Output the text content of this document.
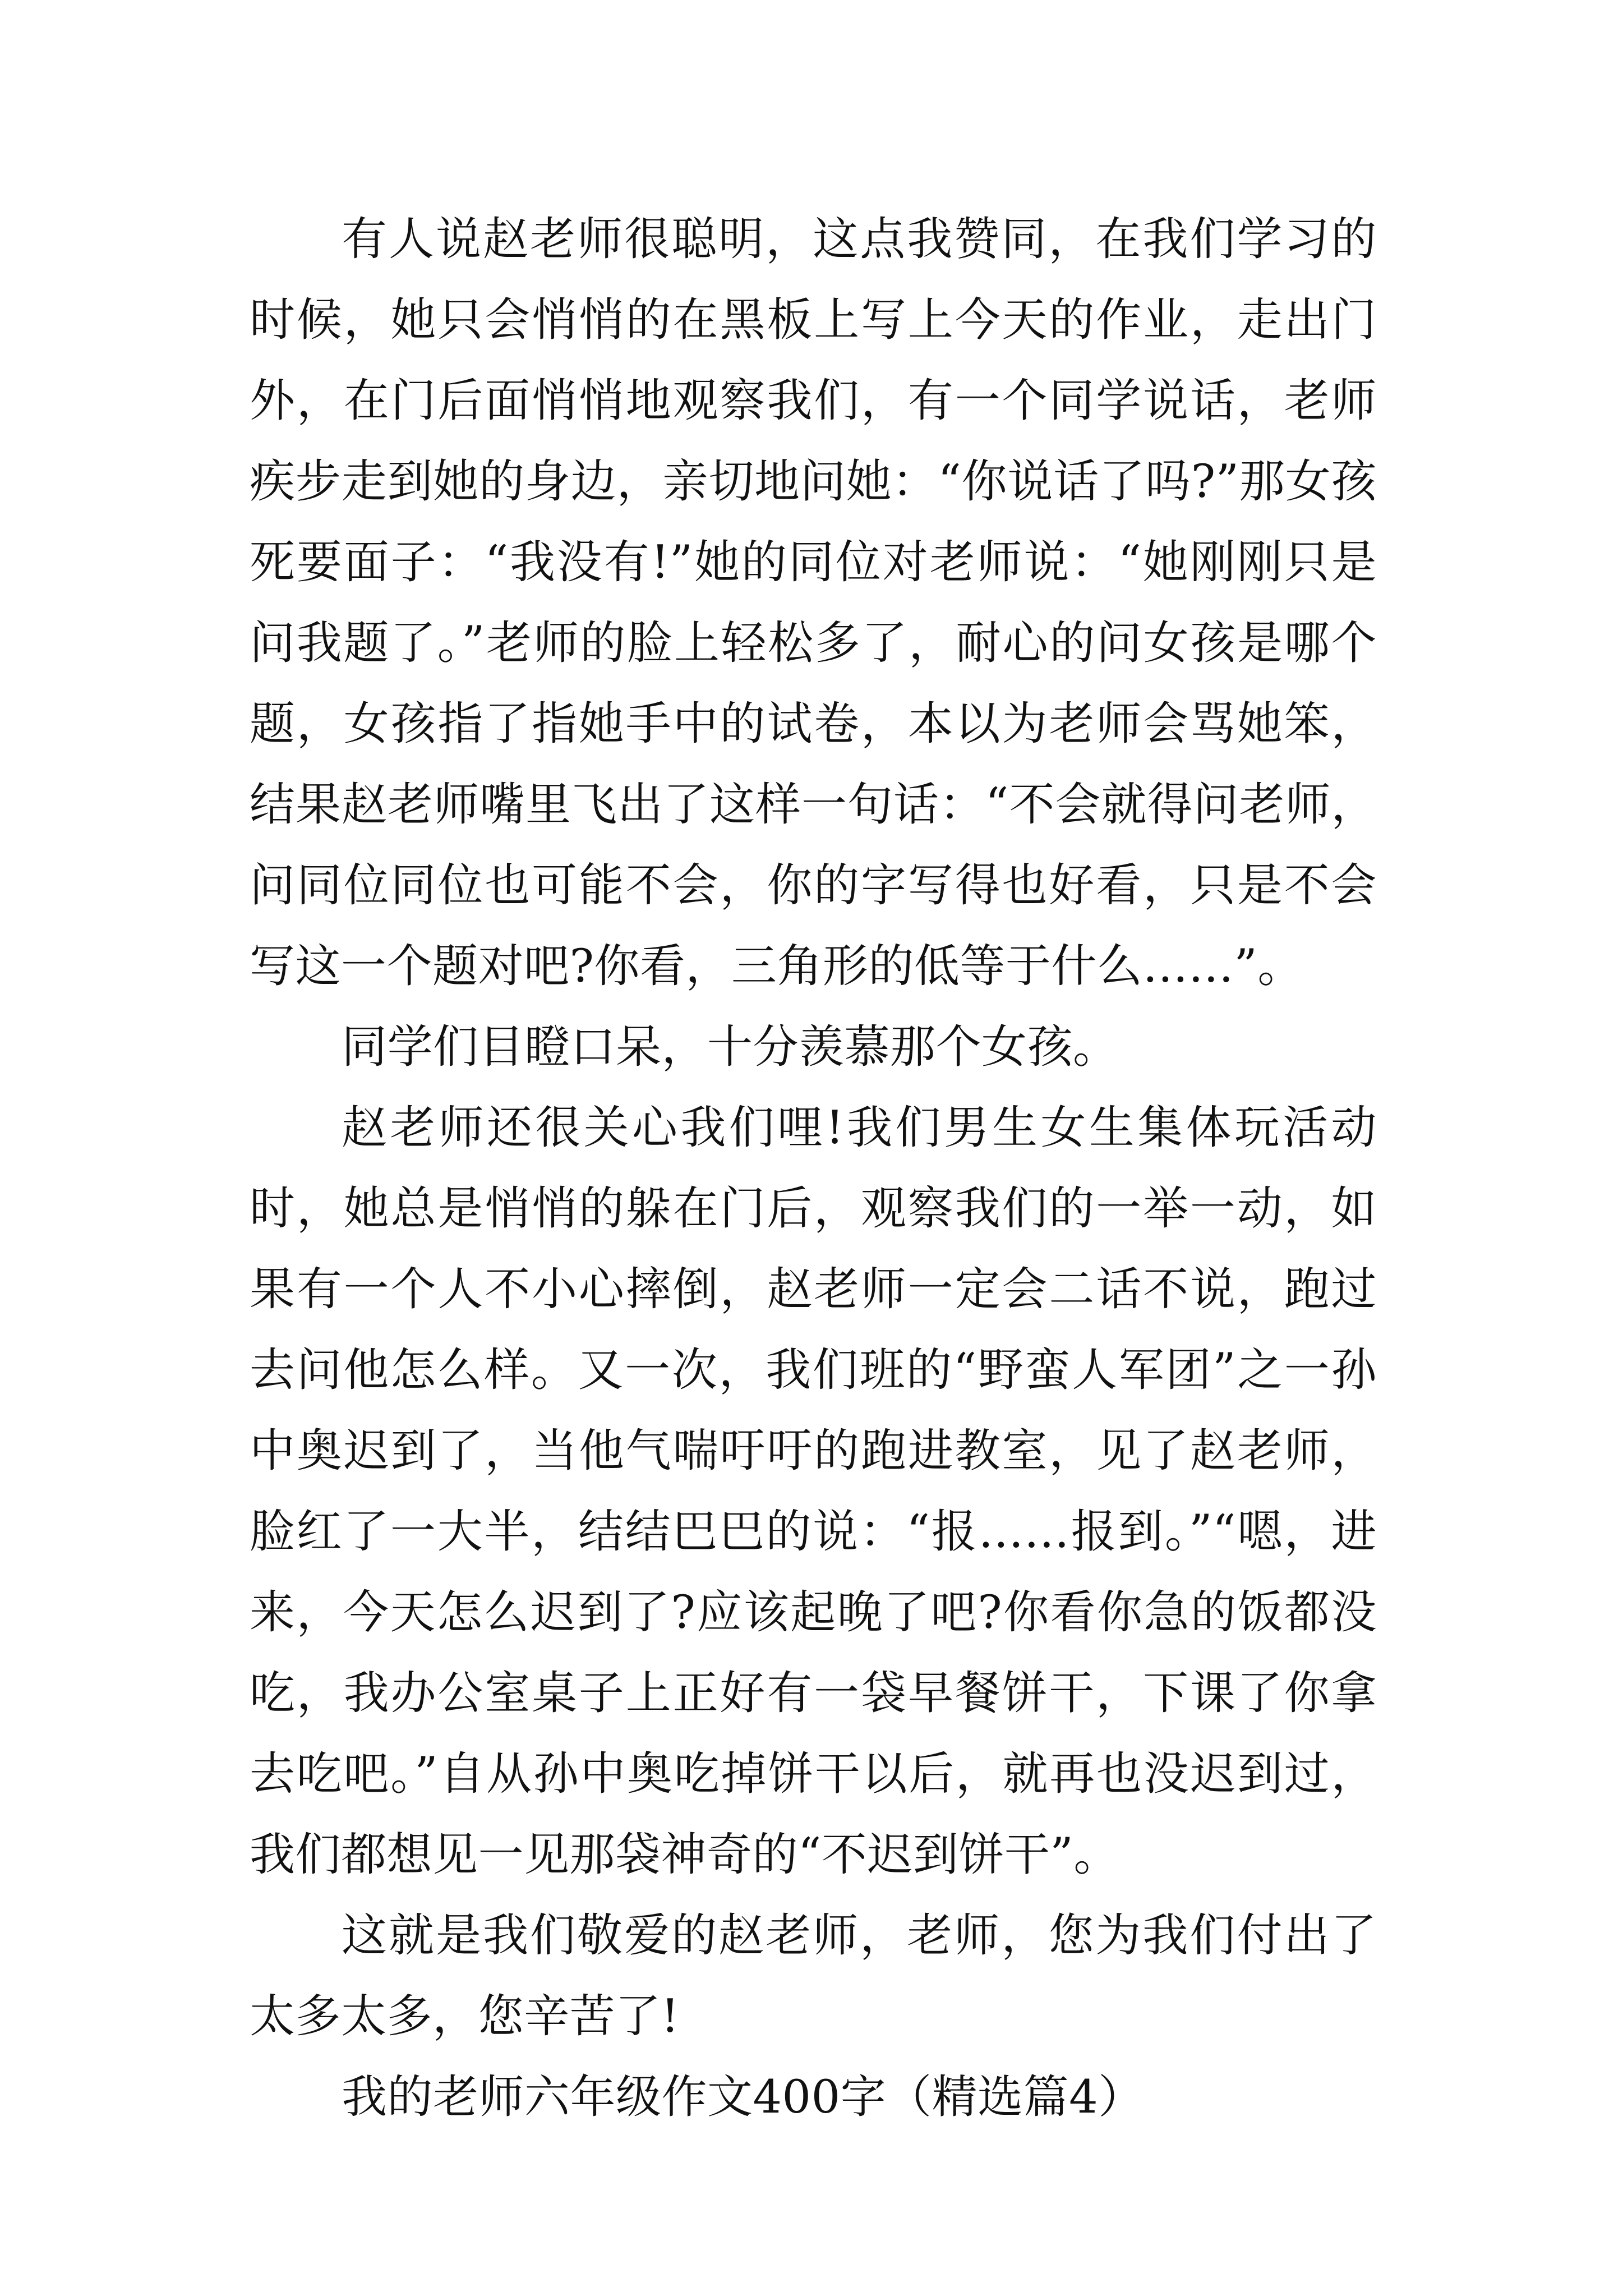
有人说赵老师很聪明，这点我赞同，在我们学习的时候，她只会悄悄的在黑板上写上今天的作业，走出门外，在门后面悄悄地观察我们，有一个同学说话，老师疾步走到她的身边，亲切地问她：“你说话了吗?”那女孩死要面子：“我没有!”她的同位对老师说：“她刚刚只是问我题了。”老师的脸上轻松多了，耐心的问女孩是哪个题，女孩指了指她手中的试卷，本以为老师会骂她笨，结果赵老师嘴里飞出了这样一句话：“不会就得问老师，问同位同位也可能不会，你的字写得也好看，只是不会写这一个题对吧?你看，三角形的低等于什么……”。

同学们目瞪口呆，十分羡慕那个女孩。

赵老师还很关心我们哩!我们男生女生集体玩活动时，她总是悄悄的躲在门后，观察我们的一举一动，如果有一个人不小心摔倒，赵老师一定会二话不说，跑过去问他怎么样。又一次，我们班的“野蛮人军团”之一孙中奥迟到了，当他气喘吁吁的跑进教室，见了赵老师，脸红了一大半，结结巴巴的说：“报……报到。”“嗯，进来，今天怎么迟到了?应该起晚了吧?你看你急的饭都没吃，我办公室桌子上正好有一袋早餐饼干，下课了你拿去吃吧。”自从孙中奥吃掉饼干以后，就再也没迟到过，我们都想见一见那袋神奇的“不迟到饼干”。

这就是我们敬爱的赵老师，老师，您为我们付出了太多太多，您辛苦了!

我的老师六年级作文400字（精选篇4）
